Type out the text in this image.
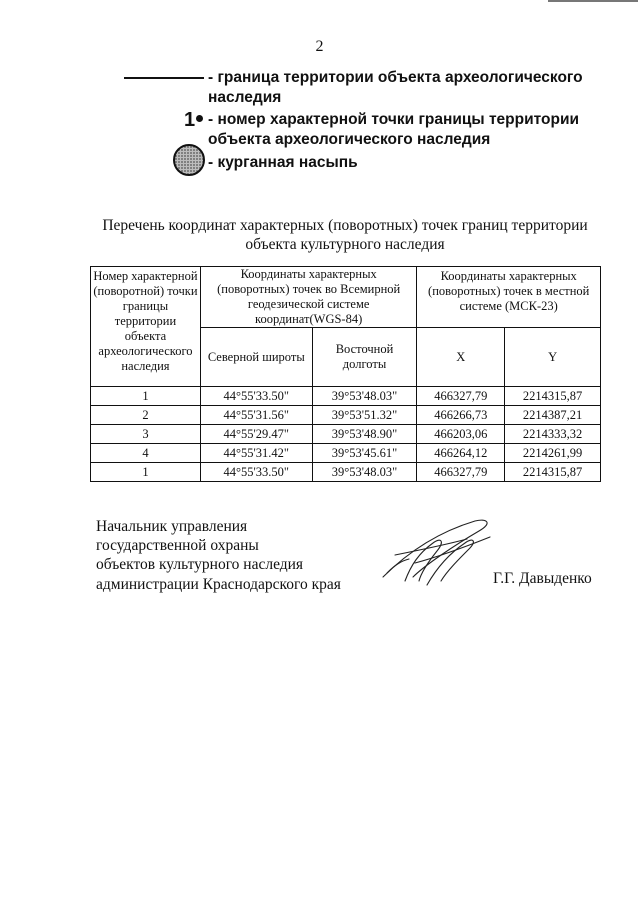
2
- граница территории объекта археологического наследия
1 - номер характерной точки границы территории объекта археологического наследия
- курганная насыпь
Перечень координат характерных (поворотных) точек границ территории объекта культурного наследия
Номер характерной (поворотной) точки границы территории объекта археологического наследия	Координаты характерных (поворотных) точек во Всемирной геодезической системе координат(WGS-84)		Координаты характерных (поворотных) точек в местной системе (МСК-23)	
	Северной широты	Восточной долготы	X	Y
1	44°55'33.50"	39°53'48.03"	466327,79	2214315,87
2	44°55'31.56"	39°53'51.32"	466266,73	2214387,21
3	44°55'29.47"	39°53'48.90"	466203,06	2214333,32
4	44°55'31.42"	39°53'45.61"	466264,12	2214261,99
1	44°55'33.50"	39°53'48.03"	466327,79	2214315,87
Начальник управления
государственной охраны
объектов культурного наследия
администрации Краснодарского края	Г.Г. Давыденко
